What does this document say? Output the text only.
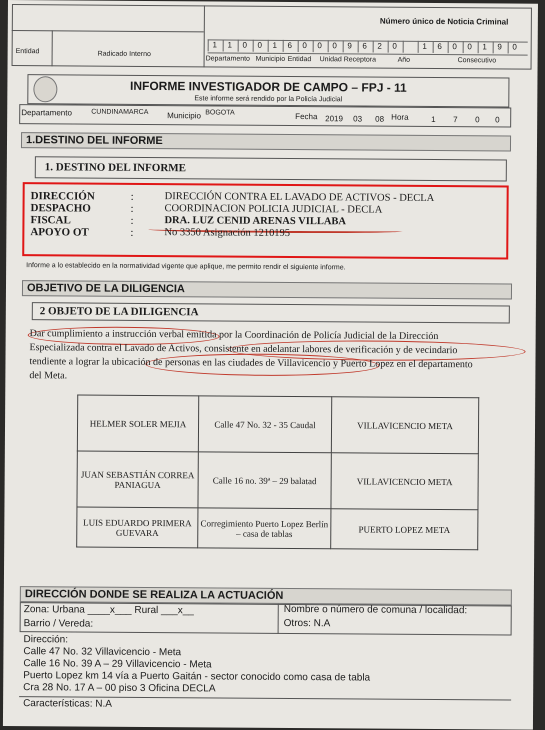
Número único de Noticia Criminal
Entidad	Radicado Interno
1	1	0	0	1	6	0	0	0	9	6	2	0	1	6	0	0	1	9	0
Departamento Municipio Entidad Unidad Receptora	Año	Consecutivo
INFORME INVESTIGADOR DE CAMPO – FPJ - 11
Este informe será rendido por la Policía Judicial
Departamento	CUNDINAMARCA Municipio BOGOTA	Fecha 2019 03 08 Hora	1 7 0 0
1.DESTINO DEL INFORME
1. DESTINO DEL INFORME
Informe a lo establecido en la normatividad vigente que aplique, me permito rendir el siguiente informe.
OBJETIVO DE LA DILIGENCIA
2 OBJETO DE LA DILIGENCIA
HELMER SOLER MEJIA	Calle 47 No. 32 - 35 Caudal	VILLAVICENCIO META
JUAN SEBASTIÁN CORREA PANIAGUA	Calle 16 no. 39ª – 29 balatad	VILLAVICENCIO META
LUIS EDUARDO PRIMERA GUEVARA	Corregimiento Puerto Lopez Berlín – casa de tablas	PUERTO LOPEZ META
DIRECCIÓN DONDE SE REALIZA LA ACTUACIÓN
Zona: Urbana ____x___ Rural ___x__	Nombre o número de comuna / localidad:
Barrio / Vereda:	Otros: N.A
Dirección:
Características: N.A
DIRECCIÓN	:	DIRECCIÓN CONTRA EL LAVADO DE ACTIVOS - DECLA
DESPACHO	:	COORDINACION POLICIA JUDICIAL - DECLA
FISCAL	:	DRA. LUZ CENID ARENAS VILLABA
APOYO OT	:	No 3350 Asignación 1210195
Dar cumplimiento a instrucción verbal emitida por la Coordinación de Policía Judicial de la Dirección
Especializada contra el Lavado de Activos, consistente en adelantar labores de verificación y de vecindario
tendiente a lograr la ubicación de personas en las ciudades de Villavicencio y Puerto Lopez en el departamento
del Meta.
Calle 47 No. 32 Villavicencio - Meta
Calle 16 No. 39 A – 29 Villavicencio - Meta
Puerto Lopez km 14 vía a Puerto Gaitán - sector conocido como casa de tabla
Cra 28 No. 17 A – 00 piso 3 Oficina DECLA
